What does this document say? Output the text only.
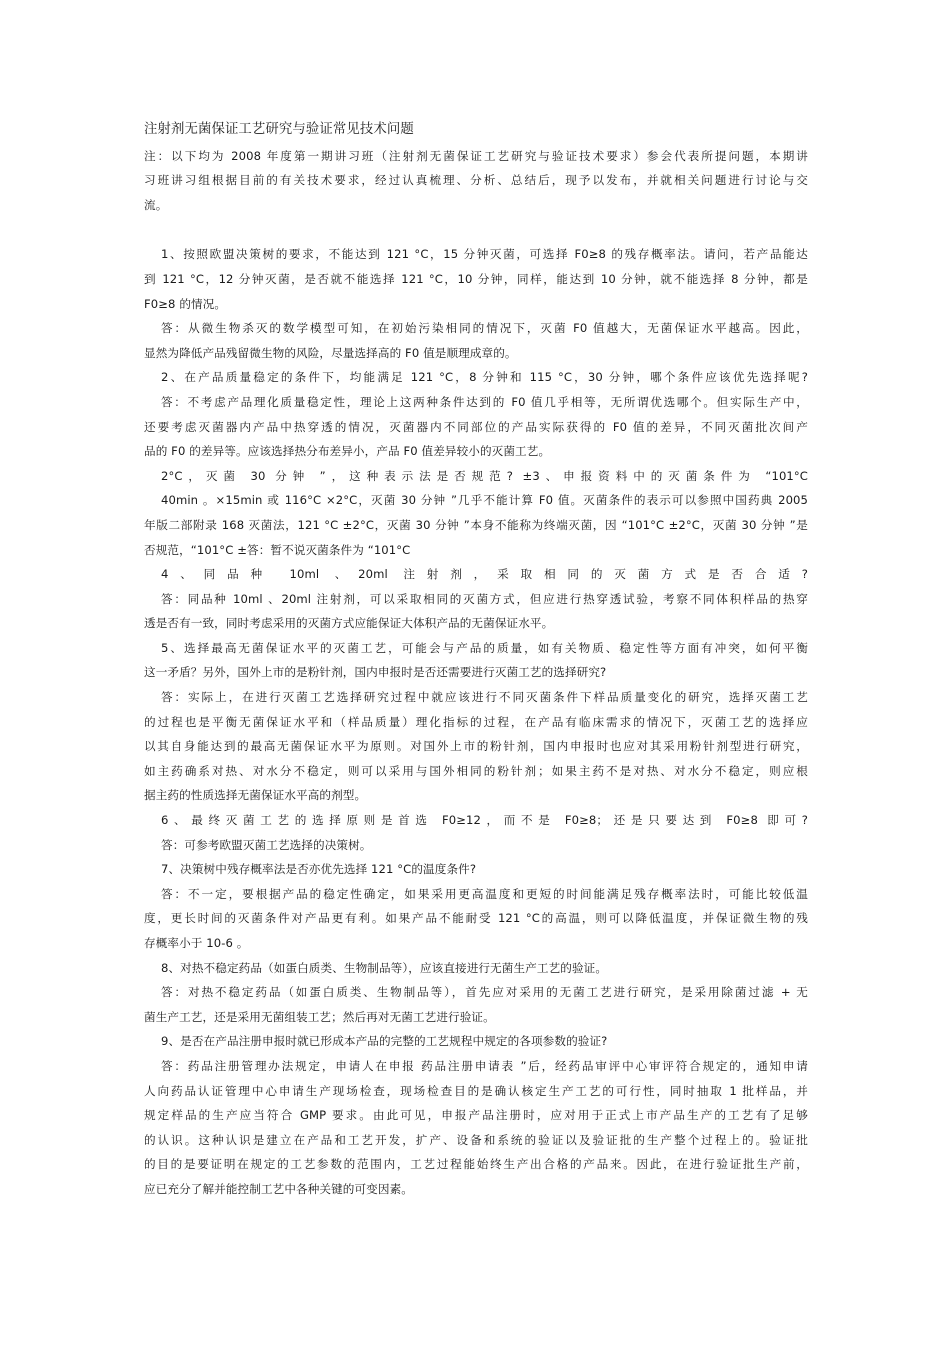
注射剂无菌保证工艺研究与验证常见技术问题
注：以下均为 2008 年度第一期讲习班（注射剂无菌保证工艺研究与验证技术要求）参会代表所提问题，本期讲
习班讲习组根据目前的有关技术要求，经过认真梳理、分析、总结后，现予以发布，并就相关问题进行讨论与交
流。
1、按照欧盟决策树的要求，不能达到 121 °C，15 分钟灭菌，可选择 F0≥8 的残存概率法。请问，若产品能达
到 121 °C，12 分钟灭菌，是否就不能选择 121 °C，10 分钟，同样，能达到 10 分钟，就不能选择 8 分钟，都是
F0≥8 的情况。
答：从微生物杀灭的数学模型可知，在初始污染相同的情况下，灭菌 F0 值越大，无菌保证水平越高。因此，
显然为降低产品残留微生物的风险，尽量选择高的 F0 值是顺理成章的。
2、在产品质量稳定的条件下，均能满足 121 °C，8 分钟和 115 °C，30 分钟，哪个条件应该优先选择呢?
答：不考虑产品理化质量稳定性，理论上这两种条件达到的 F0 值几乎相等，无所谓优选哪个。但实际生产中，
还要考虑灭菌器内产品中热穿透的情况，灭菌器内不同部位的产品实际获得的 F0 值的差异，不同灭菌批次间产
品的 F0 的差异等。应该选择热分布差异小，产品 F0 值差异较小的灭菌工艺。
2°C，灭菌 30 分钟 ”，这种表示法是否规范? ±3、申报资料中的灭菌条件为 “101°C
40min 。×15min 或 116°C ×2°C，灭菌 30 分钟 ”几乎不能计算 F0 值。灭菌条件的表示可以参照中国药典 2005
年版二部附录 168 灭菌法，121 °C ±2°C，灭菌 30 分钟 ”本身不能称为终端灭菌，因 “101°C ±2°C，灭菌 30 分钟 ”是
否规范，“101°C ±答：暂不说灭菌条件为 “101°C
4、同品种 10ml 、20ml 注射剂，采取相同的灭菌方式是否合适?
答：同品种 10ml 、20ml 注射剂，可以采取相同的灭菌方式，但应进行热穿透试验，考察不同体积样品的热穿
透是否有一致，同时考虑采用的灭菌方式应能保证大体积产品的无菌保证水平。
5、选择最高无菌保证水平的灭菌工艺，可能会与产品的质量，如有关物质、稳定性等方面有冲突，如何平衡
这一矛盾？另外，国外上市的是粉针剂，国内申报时是否还需要进行灭菌工艺的选择研究?
答：实际上，在进行灭菌工艺选择研究过程中就应该进行不同灭菌条件下样品质量变化的研究，选择灭菌工艺
的过程也是平衡无菌保证水平和（样品质量）理化指标的过程，在产品有临床需求的情况下，灭菌工艺的选择应
以其自身能达到的最高无菌保证水平为原则。对国外上市的粉针剂，国内申报时也应对其采用粉针剂型进行研究，
如主药确系对热、对水分不稳定，则可以采用与国外相同的粉针剂；如果主药不是对热、对水分不稳定，则应根
据主药的性质选择无菌保证水平高的剂型。
6、最终灭菌工艺的选择原则是首选 F0≥12，而不是 F0≥8；还是只要达到 F0≥8 即可?
答：可参考欧盟灭菌工艺选择的决策树。
7、决策树中残存概率法是否亦优先选择 121 °C的温度条件?
答：不一定，要根据产品的稳定性确定，如果采用更高温度和更短的时间能满足残存概率法时，可能比较低温
度，更长时间的灭菌条件对产品更有利。如果产品不能耐受 121 °C的高温，则可以降低温度，并保证微生物的残
存概率小于 10-6 。
8、对热不稳定药品（如蛋白质类、生物制品等），应该直接进行无菌生产工艺的验证。
答：对热不稳定药品（如蛋白质类、生物制品等），首先应对采用的无菌工艺进行研究，是采用除菌过滤 + 无
菌生产工艺，还是采用无菌组装工艺；然后再对无菌工艺进行验证。
9、是否在产品注册申报时就已形成本产品的完整的工艺规程中规定的各项参数的验证?
答：药品注册管理办法规定，申请人在申报 药品注册申请表 ”后，经药品审评中心审评符合规定的，通知申请
人向药品认证管理中心申请生产现场检查，现场检查目的是确认核定生产工艺的可行性，同时抽取 1 批样品，并
规定样品的生产应当符合 GMP 要求。由此可见，申报产品注册时，应对用于正式上市产品生产的工艺有了足够
的认识。这种认识是建立在产品和工艺开发，扩产、设备和系统的验证以及验证批的生产整个过程上的。验证批
的目的是要证明在规定的工艺参数的范围内，工艺过程能始终生产出合格的产品来。因此，在进行验证批生产前，
应已充分了解并能控制工艺中各种关键的可变因素。
